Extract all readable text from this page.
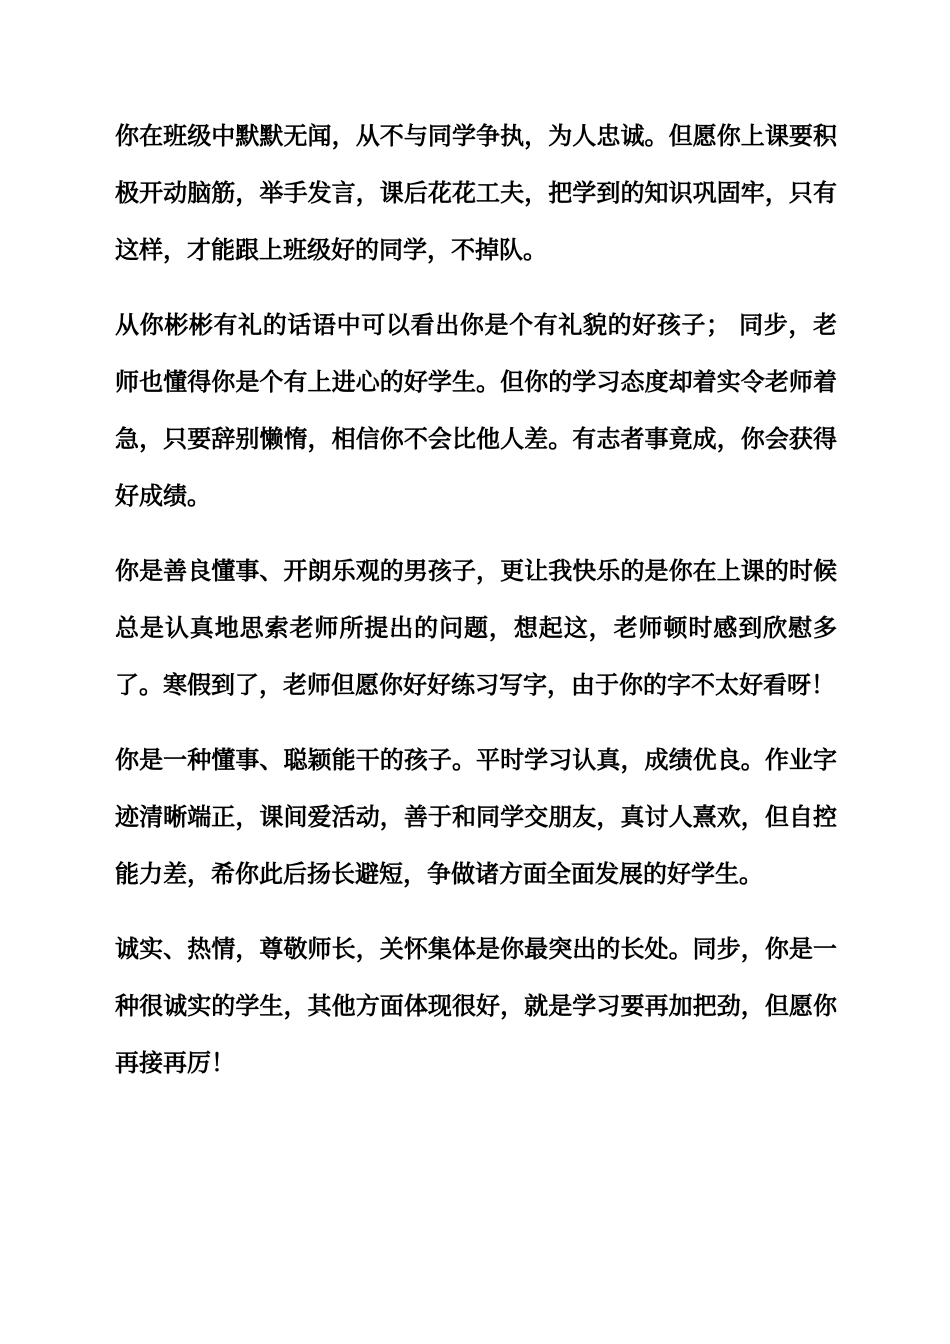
你在班级中默默无闻，从不与同学争执，为人忠诚。但愿你上课要积极开动脑筋，举手发言，课后花花工夫，把学到的知识巩固牢，只有这样，才能跟上班级好的同学，不掉队。

从你彬彬有礼的话语中可以看出你是个有礼貌的好孩子； 同步，老师也懂得你是个有上进心的好学生。但你的学习态度却着实令老师着急，只要辞别懒惰，相信你不会比他人差。有志者事竟成，你会获得好成绩。

你是善良懂事、开朗乐观的男孩子，更让我快乐的是你在上课的时候总是认真地思索老师所提出的问题，想起这，老师顿时感到欣慰多了。寒假到了，老师但愿你好好练习写字，由于你的字不太好看呀！

你是一种懂事、聪颖能干的孩子。平时学习认真，成绩优良。作业字迹清晰端正，课间爱活动，善于和同学交朋友，真讨人熹欢，但自控能力差，希你此后扬长避短，争做诸方面全面发展的好学生。

诚实、热情，尊敬师长，关怀集体是你最突出的长处。同步，你是一种很诚实的学生，其他方面体现很好，就是学习要再加把劲，但愿你再接再厉！
